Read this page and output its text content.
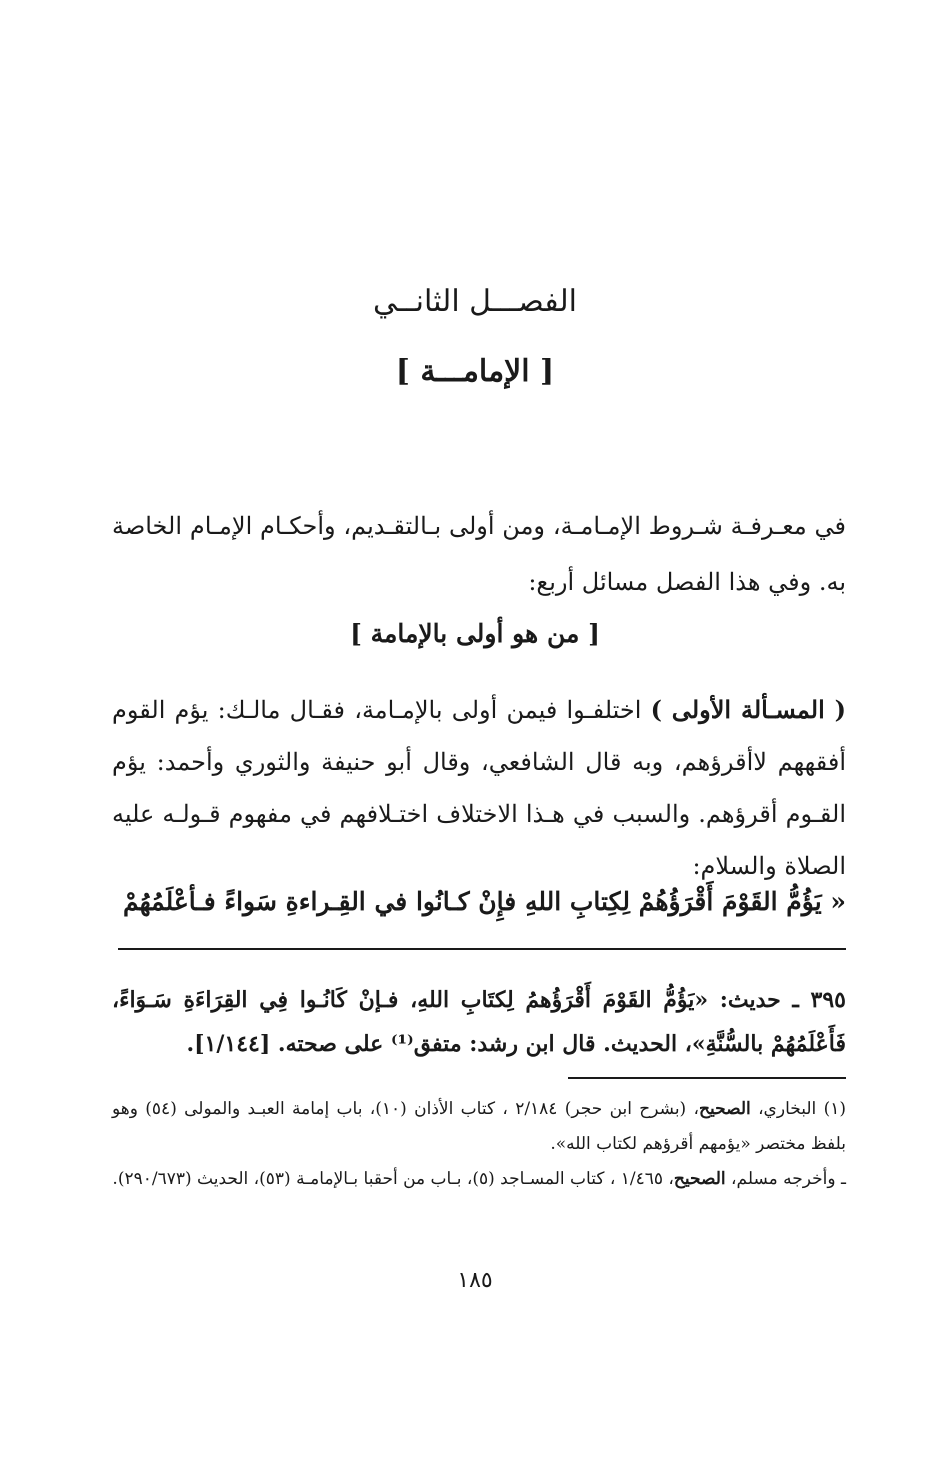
الفصـــل الثانــي
[ الإمامـــة ]
في معـرفـة شـروط الإمـامـة، ومن أولى بـالتقـديم، وأحكـام الإمـام الخاصة به. وفي هذا الفصل مسائل أربع:
[ من هو أولى بالإمامة ]
( المسـألة الأولى ) اختلفـوا فيمن أولى بالإمـامة، فقـال مالـك: يؤم القوم أفقههم لاأقرؤهم، وبه قال الشافعي، وقال أبو حنيفة والثوري وأحمد: يؤم القـوم أقرؤهم. والسبب في هـذا الاختلاف اختـلافهم في مفهوم قـولـه عليه الصلاة والسلام:
« يَؤُمُّ القَوْمَ أَقْرَؤُهُمْ لِكِتابِ اللهِ فإِنْ كـانُوا في القِـراءةِ سَواءً فـأعْلَمُهُمْ
٣٩٥ ـ حديث: «يَؤُمُّ القَوْمَ أَقْرَؤُهمُ لِكتَابِ اللهِ، فـإنْ كَانُـوا فِي القِرَاءَةِ سَـوَاءً، فَأَعْلَمُهُمْ بالسُّنَّةِ»، الحديث. قال ابن رشد: متفق⁽¹⁾ على صحته. [١/١٤٤].

(١) البخاري، الصحيح، (بشرح ابن حجر) ٢/١٨٤ ، كتاب الأذان (١٠)، باب إمامة العبـد والمولى (٥٤) وهو بلفظ مختصر «يؤمهم أقرؤهم لكتاب الله».

ـ وأخرجه مسلم، الصحيح، ١/٤٦٥ ، كتاب المسـاجد (٥)، بـاب من أحقبا بـالإمامـة (٥٣)، الحديث (٢٩٠/٦٧٣).

١٨٥
